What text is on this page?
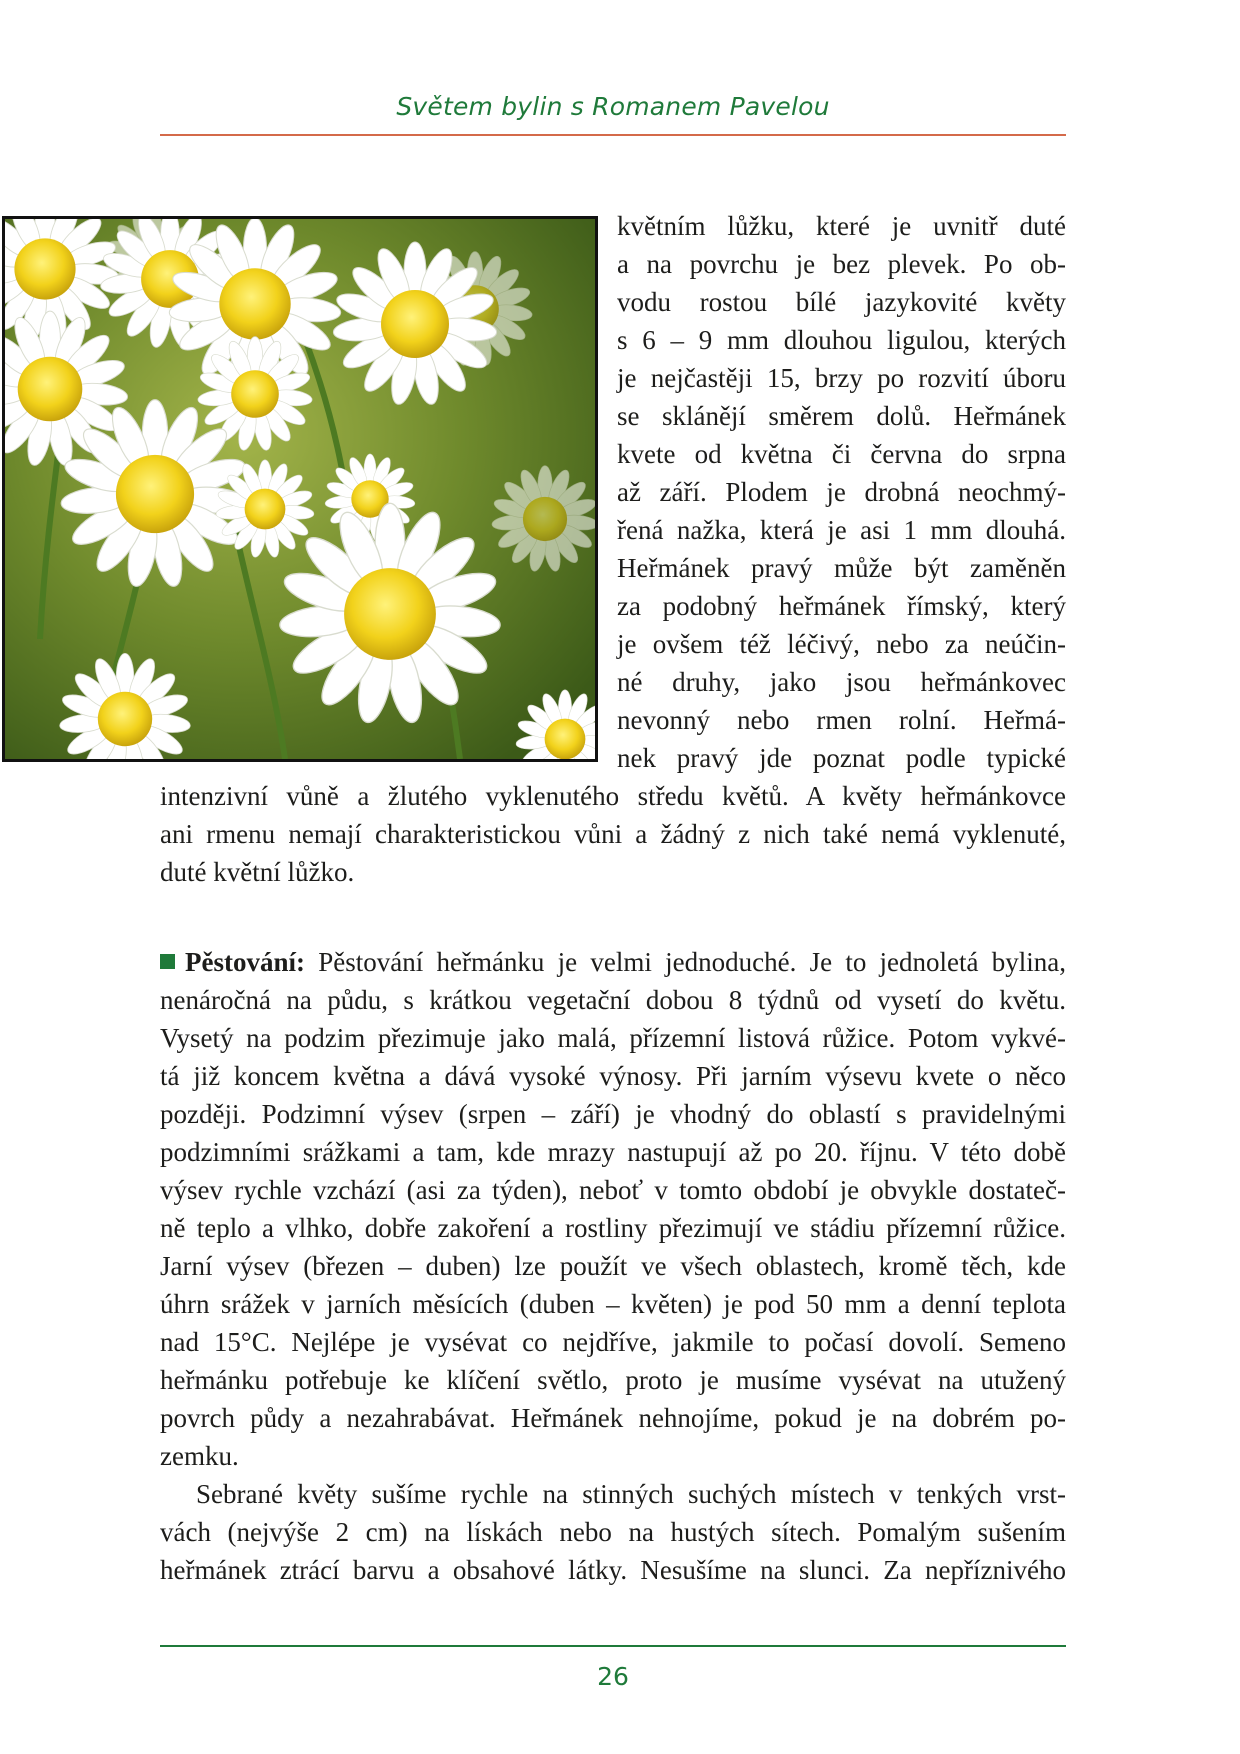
Světem bylin s Romanem Pavelou
květním lůžku, které je uvnitř duté
a na povrchu je bez plevek. Po ob-
vodu rostou bílé jazykovité květy
s 6 – 9 mm dlouhou ligulou, kterých
je nejčastěji 15, brzy po rozvití úboru
se sklánějí směrem dolů. Heřmánek
kvete od května či června do srpna
až září. Plodem je drobná neochmý-
řená nažka, která je asi 1 mm dlouhá.
Heřmánek pravý může být zaměněn
za podobný heřmánek římský, který
je ovšem též léčivý, nebo za neúčin-
né druhy, jako jsou heřmánkovec
nevonný nebo rmen rolní. Heřmá-
nek pravý jde poznat podle typické
intenzivní vůně a žlutého vyklenutého středu květů. A květy heřmánkovce
ani rmenu nemají charakteristickou vůni a žádný z nich také nemá vyklenuté,
duté květní lůžko.
Pěstování: Pěstování heřmánku je velmi jednoduché. Je to jednoletá bylina,
nenáročná na půdu, s krátkou vegetační dobou 8 týdnů od vysetí do květu.
Vysetý na podzim přezimuje jako malá, přízemní listová růžice. Potom vykvé-
tá již koncem května a dává vysoké výnosy. Při jarním výsevu kvete o něco
později. Podzimní výsev (srpen – září) je vhodný do oblastí s pravidelnými
podzimními srážkami a tam, kde mrazy nastupují až po 20. říjnu. V této době
výsev rychle vzchází (asi za týden), neboť v tomto období je obvykle dostateč-
ně teplo a vlhko, dobře zakoření a rostliny přezimují ve stádiu přízemní růžice.
Jarní výsev (březen – duben) lze použít ve všech oblastech, kromě těch, kde
úhrn srážek v jarních měsících (duben – květen) je pod 50 mm a denní teplota
nad 15°C. Nejlépe je vysévat co nejdříve, jakmile to počasí dovolí. Semeno
heřmánku potřebuje ke klíčení světlo, proto je musíme vysévat na utužený
povrch půdy a nezahrabávat. Heřmánek nehnojíme, pokud je na dobrém po-
zemku.
Sebrané květy sušíme rychle na stinných suchých místech v tenkých vrst-
vách (nejvýše 2 cm) na lískách nebo na hustých sítech. Pomalým sušením
heřmánek ztrácí barvu a obsahové látky. Nesušíme na slunci. Za nepříznivého
26
